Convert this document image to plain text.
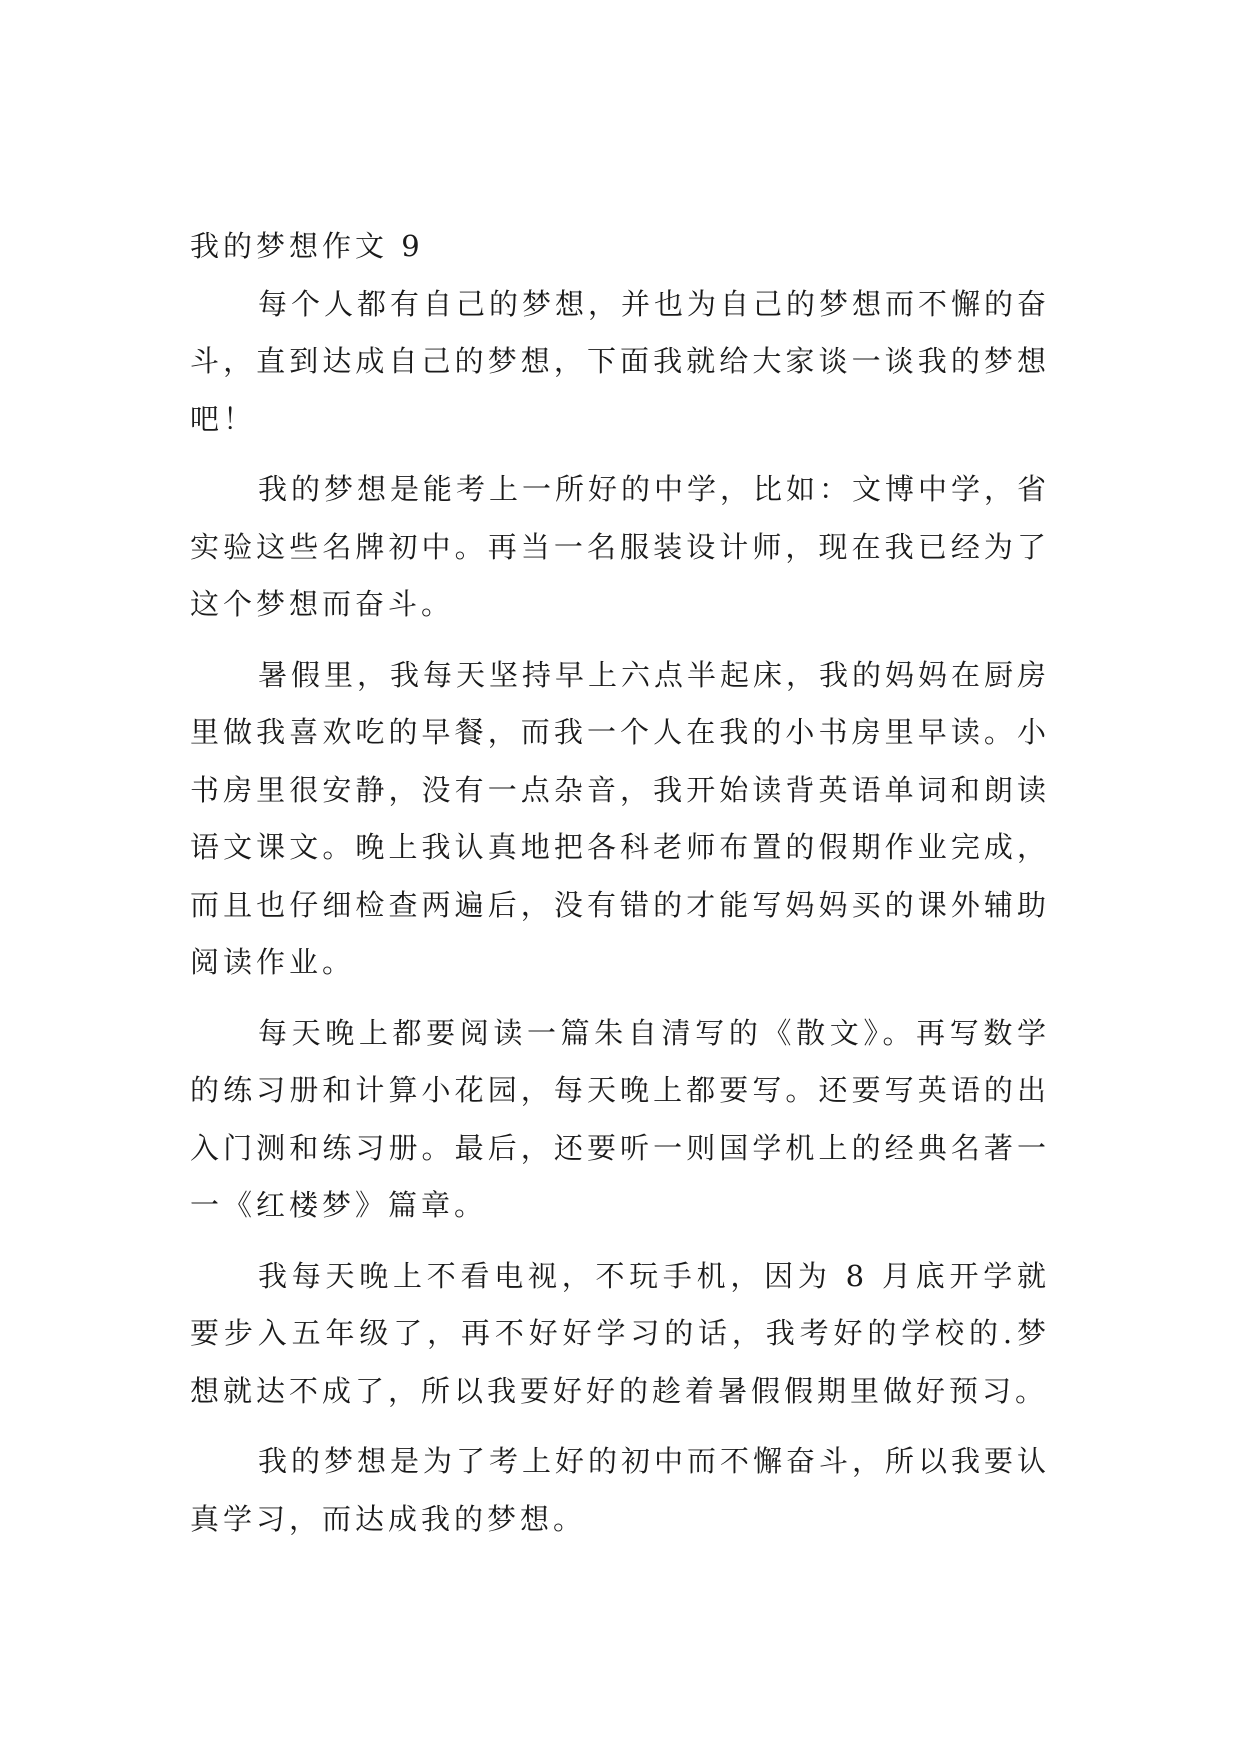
我的梦想作文 9

每个人都有自己的梦想，并也为自己的梦想而不懈的奋斗，直到达成自己的梦想，下面我就给大家谈一谈我的梦想吧！

我的梦想是能考上一所好的中学，比如：文博中学，省实验这些名牌初中。再当一名服装设计师，现在我已经为了这个梦想而奋斗。

暑假里，我每天坚持早上六点半起床，我的妈妈在厨房里做我喜欢吃的早餐，而我一个人在我的小书房里早读。小书房里很安静，没有一点杂音，我开始读背英语单词和朗读语文课文。晚上我认真地把各科老师布置的假期作业完成，而且也仔细检查两遍后，没有错的才能写妈妈买的课外辅助阅读作业。

每天晚上都要阅读一篇朱自清写的《散文》。再写数学的练习册和计算小花园，每天晚上都要写。还要写英语的出入门测和练习册。最后，还要听一则国学机上的经典名著一一《红楼梦》篇章。

我每天晚上不看电视，不玩手机，因为 8 月底开学就要步入五年级了，再不好好学习的话，我考好的学校的.梦想就达不成了，所以我要好好的趁着暑假假期里做好预习。

我的梦想是为了考上好的初中而不懈奋斗，所以我要认真学习，而达成我的梦想。
